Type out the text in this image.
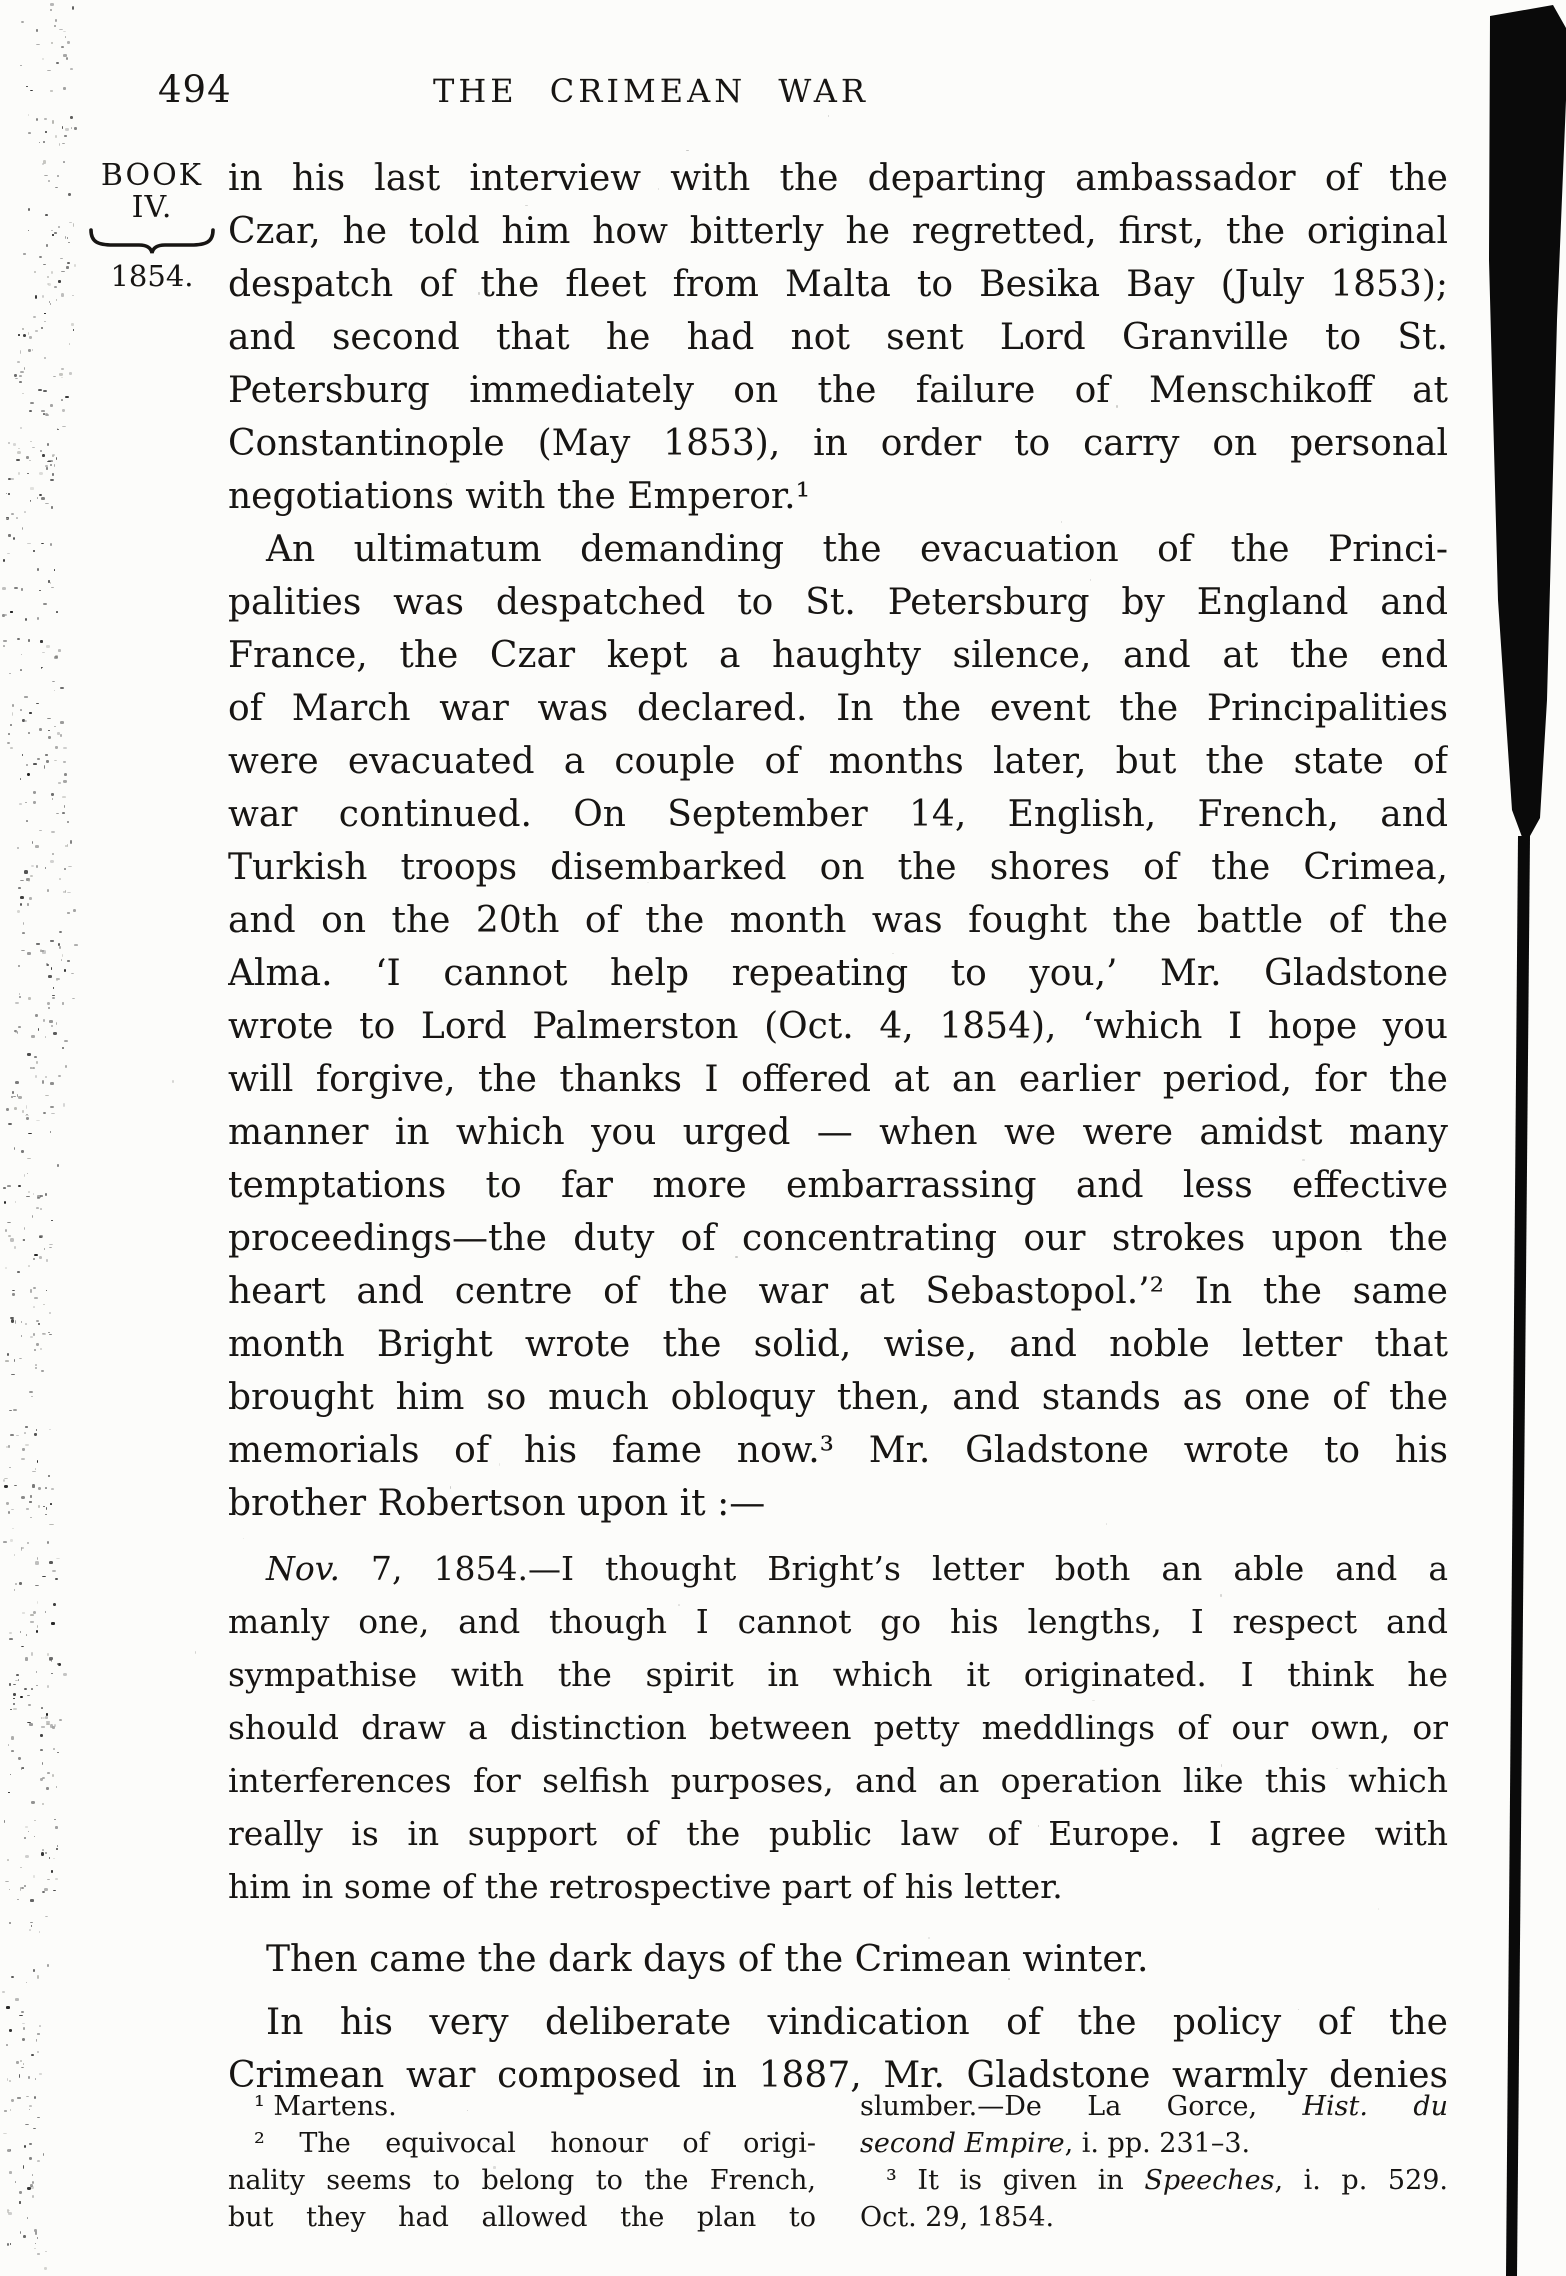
494	THE CRIMEAN WAR
BOOK
IV.
1854.
in his last interview with the departing ambassador of the
Czar, he told him how bitterly he regretted, first, the original
despatch of the fleet from Malta to Besika Bay (July 1853);
and second that he had not sent Lord Granville to St.
Petersburg immediately on the failure of Menschikoff at
Constantinople (May 1853), in order to carry on personal
negotiations with the Emperor.¹
An ultimatum demanding the evacuation of the Princi-
palities was despatched to St. Petersburg by England and
France, the Czar kept a haughty silence, and at the end
of March war was declared. In the event the Principalities
were evacuated a couple of months later, but the state of
war continued. On September 14, English, French, and
Turkish troops disembarked on the shores of the Crimea,
and on the 20th of the month was fought the battle of the
Alma. ‘I cannot help repeating to you,’ Mr. Gladstone
wrote to Lord Palmerston (Oct. 4, 1854), ‘which I hope you
will forgive, the thanks I offered at an earlier period, for the
manner in which you urged — when we were amidst many
temptations to far more embarrassing and less effective
proceedings—the duty of concentrating our strokes upon the
heart and centre of the war at Sebastopol.’² In the same
month Bright wrote the solid, wise, and noble letter that
brought him so much obloquy then, and stands as one of the
memorials of his fame now.³ Mr. Gladstone wrote to his
brother Robertson upon it :—
Nov. 7, 1854.—I thought Bright’s letter both an able and a
manly one, and though I cannot go his lengths, I respect and
sympathise with the spirit in which it originated. I think he
should draw a distinction between petty meddlings of our own, or
interferences for selfish purposes, and an operation like this which
really is in support of the public law of Europe. I agree with
him in some of the retrospective part of his letter.
Then came the dark days of the Crimean winter.
In his very deliberate vindication of the policy of the
Crimean war composed in 1887, Mr. Gladstone warmly denies
¹ Martens.
² The equivocal honour of origi-
nality seems to belong to the French,
but they had allowed the plan to
slumber.—De La Gorce, Hist. du
second Empire, i. pp. 231–3.
³ It is given in Speeches, i. p. 529.
Oct. 29, 1854.
